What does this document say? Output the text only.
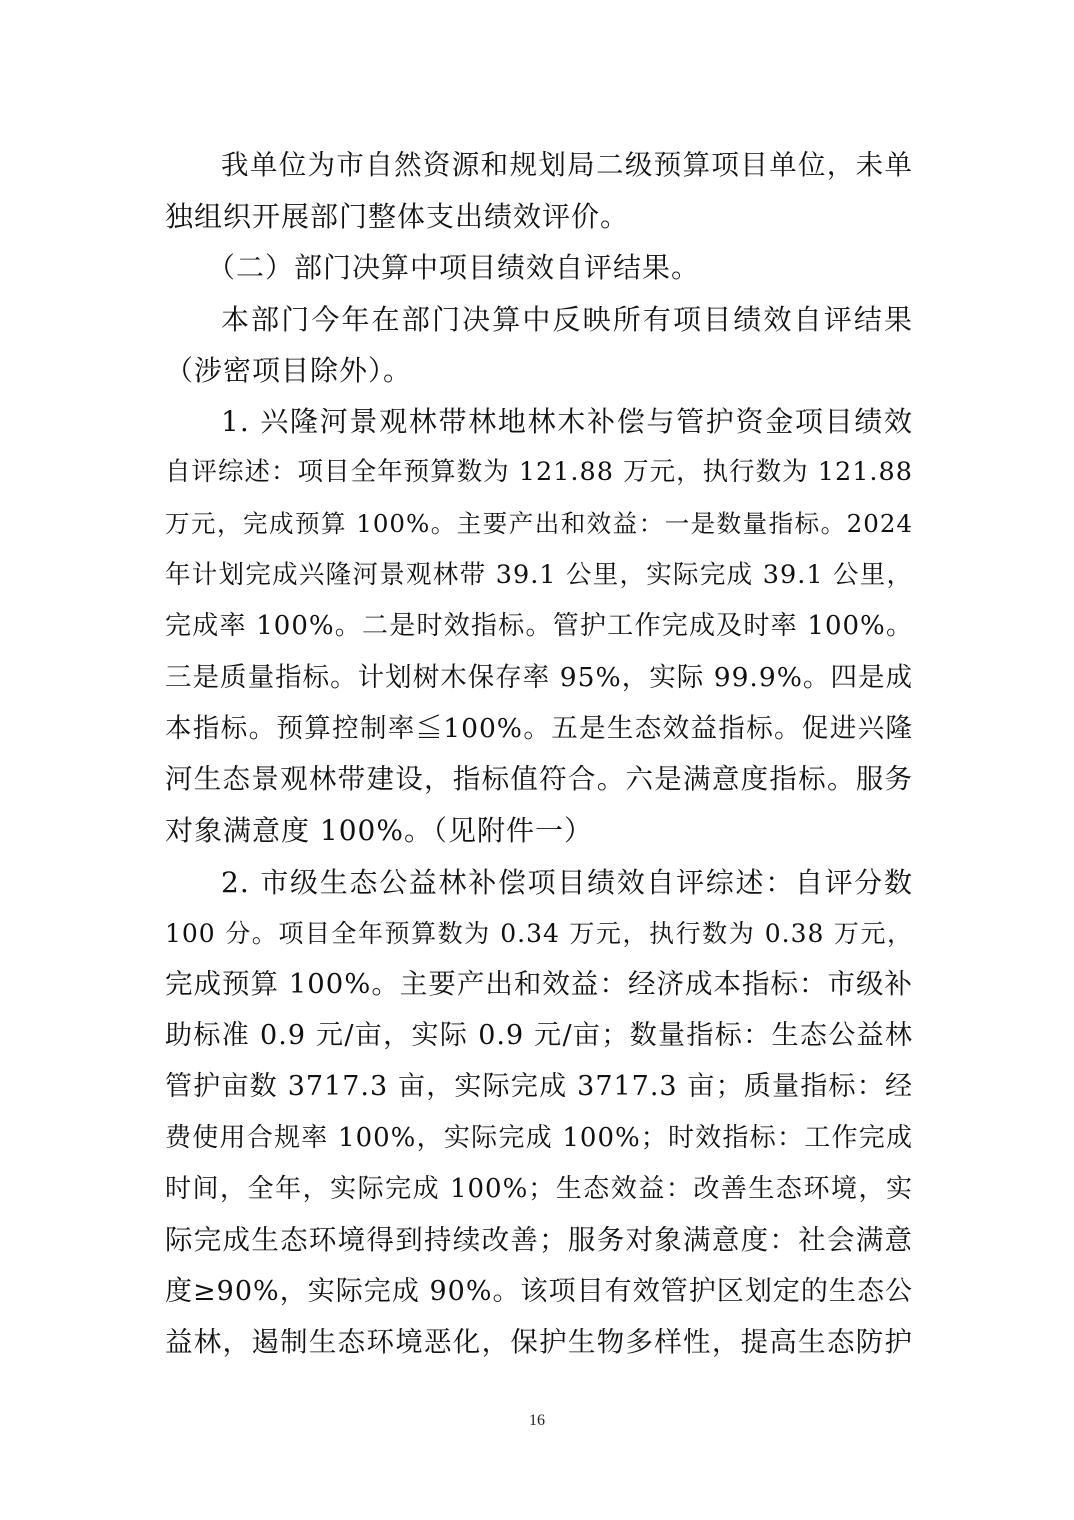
我单位为市自然资源和规划局二级预算项目单位，未单
独组织开展部门整体支出绩效评价。
（二）部门决算中项目绩效自评结果。
本部门今年在部门决算中反映所有项目绩效自评结果
（涉密项目除外）。
1. 兴隆河景观林带林地林木补偿与管护资金项目绩效
自评综述：项目全年预算数为 121.88 万元，执行数为 121.88
万元，完成预算 100%。主要产出和效益：一是数量指标。2024
年计划完成兴隆河景观林带 39.1 公里，实际完成 39.1 公里，
完成率 100%。二是时效指标。管护工作完成及时率 100%。
三是质量指标。计划树木保存率 95%，实际 99.9%。四是成
本指标。预算控制率≦100%。五是生态效益指标。促进兴隆
河生态景观林带建设，指标值符合。六是满意度指标。服务
对象满意度 100%。（见附件一）
2. 市级生态公益林补偿项目绩效自评综述：自评分数
100 分。项目全年预算数为 0.34 万元，执行数为 0.38 万元，
完成预算 100%。主要产出和效益：经济成本指标：市级补
助标准 0.9 元/亩，实际 0.9 元/亩；数量指标：生态公益林
管护亩数 3717.3 亩，实际完成 3717.3 亩；质量指标：经
费使用合规率 100%，实际完成 100%；时效指标：工作完成
时间，全年，实际完成 100%；生态效益：改善生态环境，实
际完成生态环境得到持续改善；服务对象满意度：社会满意
度≥90%，实际完成 90%。该项目有效管护区划定的生态公
益林，遏制生态环境恶化，保护生物多样性，提高生态防护
16
